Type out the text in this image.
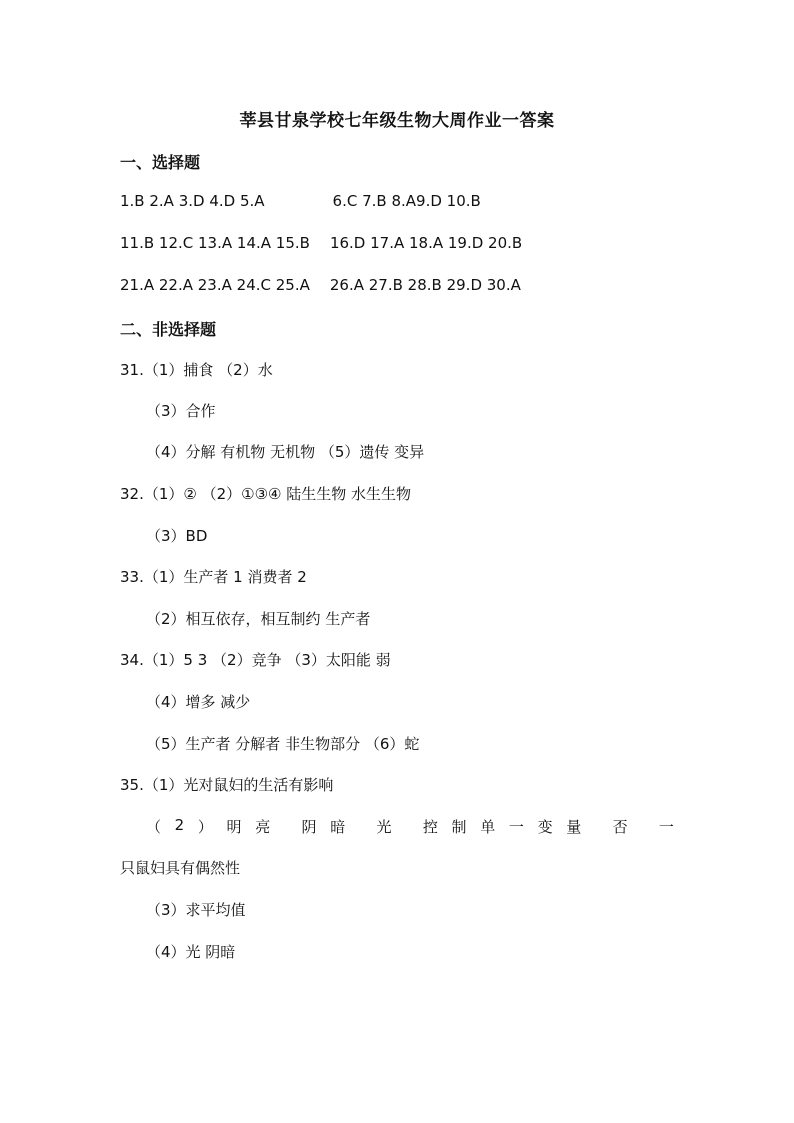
莘县甘泉学校七年级生物大周作业一答案
一、选择题
1.B 2.A 3.D 4.D 5.A	6.C 7.B 8.A9.D 10.B
11.B 12.C 13.A 14.A 15.B 16.D 17.A 18.A 19.D 20.B
21.A 22.A 23.A 24.C 25.A 26.A 27.B 28.B 29.D 30.A
二、非选择题
31.（1）捕食 （2）水
（3）合作
（4）分解 有机物 无机物 （5）遗传 变异
32.（1）② （2）①③④ 陆生生物 水生生物
（3）BD
33.（1）生产者 1 消费者 2
（2）相互依存，相互制约 生产者
34.（1）5 3 （2）竞争 （3）太阳能 弱
（4）增多 减少
（5）生产者 分解者 非生物部分 （6）蛇
35.（1）光对鼠妇的生活有影响
（ 2 ） 明 亮 阴 暗 光 控 制 单 一 变 量 否 一
只鼠妇具有偶然性
（3）求平均值
（4）光 阴暗
